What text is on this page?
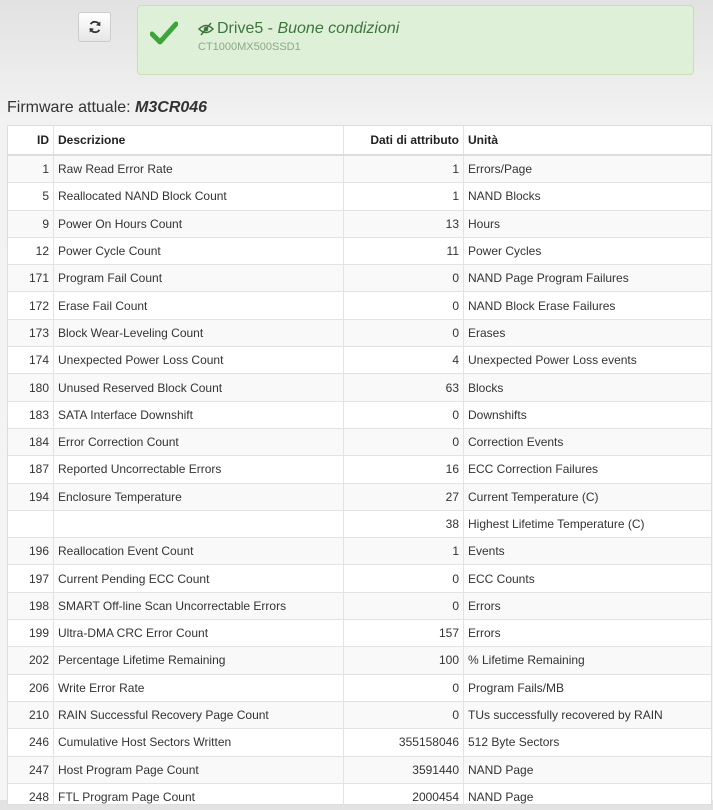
Drive5 - Buone condizioni
CT1000MX500SSD1
Firmware attuale: M3CR046
ID	Descrizione	Dati di attributo	Unità
1	Raw Read Error Rate	1	Errors/Page
5	Reallocated NAND Block Count	1	NAND Blocks
9	Power On Hours Count	13	Hours
12	Power Cycle Count	11	Power Cycles
171	Program Fail Count	0	NAND Page Program Failures
172	Erase Fail Count	0	NAND Block Erase Failures
173	Block Wear-Leveling Count	0	Erases
174	Unexpected Power Loss Count	4	Unexpected Power Loss events
180	Unused Reserved Block Count	63	Blocks
183	SATA Interface Downshift	0	Downshifts
184	Error Correction Count	0	Correction Events
187	Reported Uncorrectable Errors	16	ECC Correction Failures
194	Enclosure Temperature	27	Current Temperature (C)
		38	Highest Lifetime Temperature (C)
196	Reallocation Event Count	1	Events
197	Current Pending ECC Count	0	ECC Counts
198	SMART Off-line Scan Uncorrectable Errors	0	Errors
199	Ultra-DMA CRC Error Count	157	Errors
202	Percentage Lifetime Remaining	100	% Lifetime Remaining
206	Write Error Rate	0	Program Fails/MB
210	RAIN Successful Recovery Page Count	0	TUs successfully recovered by RAIN
246	Cumulative Host Sectors Written	355158046	512 Byte Sectors
247	Host Program Page Count	3591440	NAND Page
248	FTL Program Page Count	2000454	NAND Page
